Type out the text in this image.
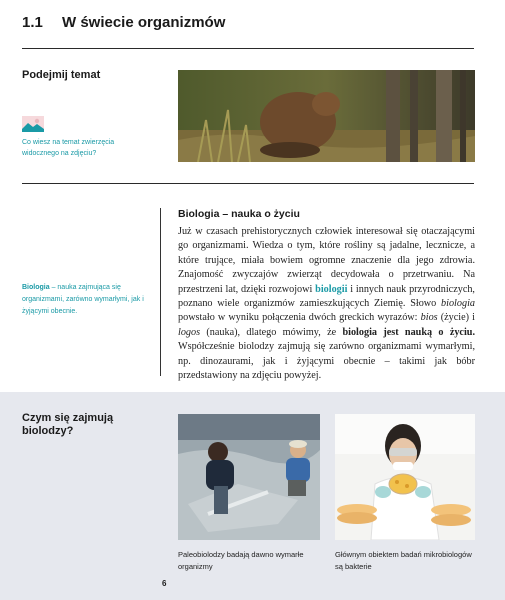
1.1 W świecie organizmów
Podejmij temat
Co wiesz na temat zwierzęcia widocznego na zdjęciu?
Biologia – nauka zajmująca się organizmami, zarówno wymarłymi, jak i żyjącymi obecnie.
Biologia – nauka o życiu
Już w czasach prehistorycznych człowiek interesował się otaczającymi go organizmami. Wiedza o tym, które rośliny są jadalne, lecznicze, a które trujące, miała bowiem ogromne znaczenie dla jego zdrowia. Znajomość zwyczajów zwierząt decydowała o przetrwaniu. Na przestrzeni lat, dzięki rozwojowi biologii i innych nauk przyrodniczych, poznano wiele organizmów zamieszkujących Ziemię. Słowo biologia powstało w wyniku połączenia dwóch greckich wyrazów: bios (życie) i logos (nauka), dlatego mówimy, że biologia jest nauką o życiu. Współcześnie biolodzy zajmują się zarówno organizmami wymarłymi, np. dinozaurami, jak i żyjącymi obecnie – takimi jak bóbr przedstawiony na zdjęciu powyżej.
Czym się zajmują biolodzy?
Paleobiolodzy badają dawno wymarłe organizmy
Głównym obiektem badań mikrobiologów są bakterie
6
